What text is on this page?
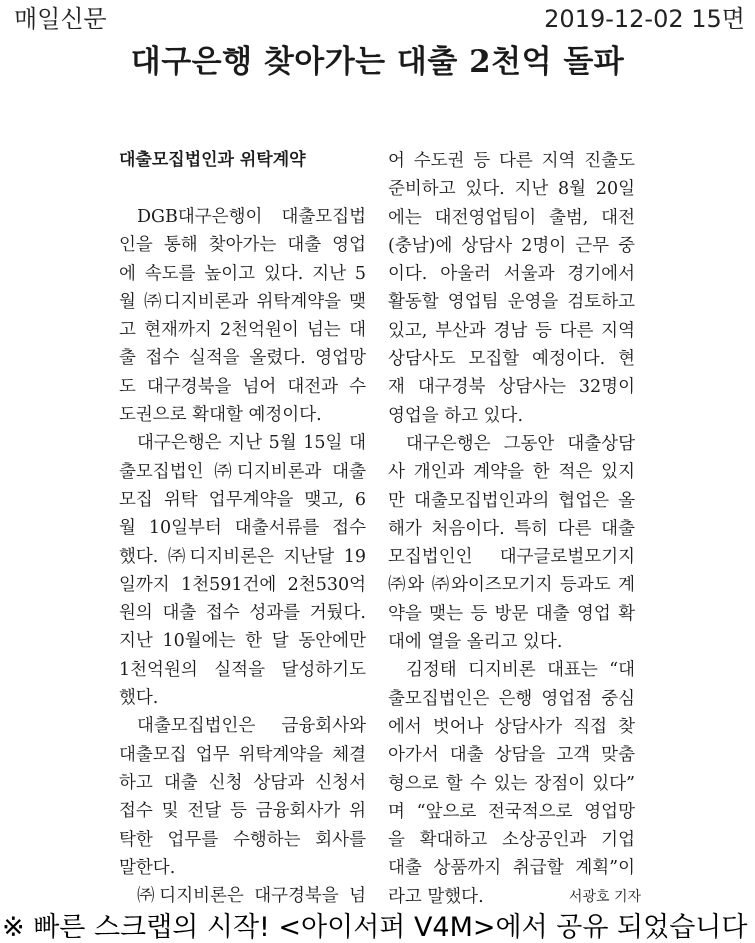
매일신문	2019-12-02 15면
대구은행 찾아가는 대출 2천억 돌파
대출모집법인과 위탁계약
DGB대구은행이 대출모집법
인을 통해 찾아가는 대출 영업
에 속도를 높이고 있다. 지난 5
월 ㈜디지비론과 위탁계약을 맺
고 현재까지 2천억원이 넘는 대
출 접수 실적을 올렸다. 영업망
도 대구경북을 넘어 대전과 수
도권으로 확대할 예정이다.
대구은행은 지난 5월 15일 대
출모집법인 ㈜디지비론과 대출
모집 위탁 업무계약을 맺고, 6
월 10일부터 대출서류를 접수
했다. ㈜디지비론은 지난달 19
일까지 1천591건에 2천530억
원의 대출 접수 성과를 거뒀다.
지난 10월에는 한 달 동안에만
1천억원의 실적을 달성하기도
했다.
대출모집법인은 금융회사와
대출모집 업무 위탁계약을 체결
하고 대출 신청 상담과 신청서
접수 및 전달 등 금융회사가 위
탁한 업무를 수행하는 회사를
말한다.
㈜디지비론은 대구경북을 넘
어 수도권 등 다른 지역 진출도
준비하고 있다. 지난 8월 20일
에는 대전영업팀이 출범, 대전
(충남)에 상담사 2명이 근무 중
이다. 아울러 서울과 경기에서
활동할 영업팀 운영을 검토하고
있고, 부산과 경남 등 다른 지역
상담사도 모집할 예정이다. 현
재 대구경북 상담사는 32명이
영업을 하고 있다.
대구은행은 그동안 대출상담
사 개인과 계약을 한 적은 있지
만 대출모집법인과의 협업은 올
해가 처음이다. 특히 다른 대출
모집법인인 대구글로벌모기지
㈜와 ㈜와이즈모기지 등과도 계
약을 맺는 등 방문 대출 영업 확
대에 열을 올리고 있다.
김정태 디지비론 대표는 “대
출모집법인은 은행 영업점 중심
에서 벗어나 상담사가 직접 찾
아가서 대출 상담을 고객 맞춤
형으로 할 수 있는 장점이 있다”
며 “앞으로 전국적으로 영업망
을 확대하고 소상공인과 기업
대출 상품까지 취급할 계획”이
라고 말했다.	서광호 기자
※ 빠른 스크랩의 시작! <아이서퍼 V4M>에서 공유 되었습니다
